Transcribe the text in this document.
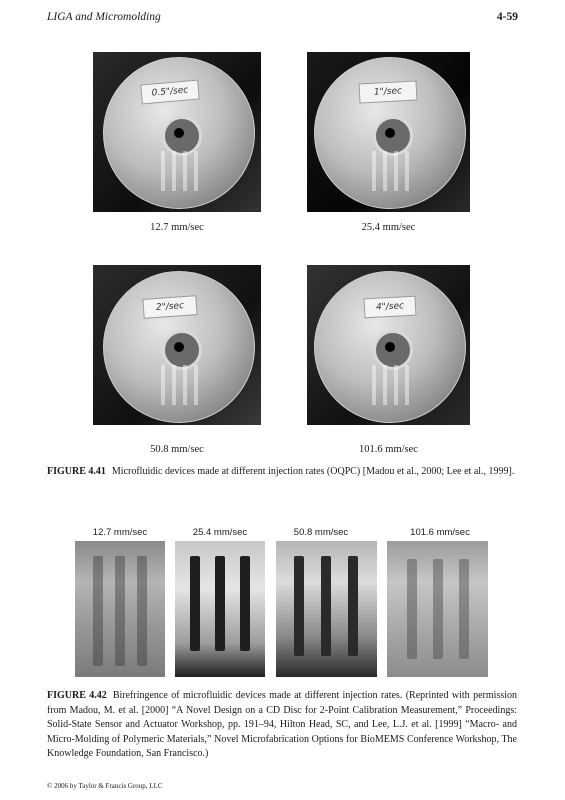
LIGA and Micromolding	4-59
0.5"/sec	1"/sec
12.7 mm/sec	25.4 mm/sec
2"/sec	4"/sec
50.8 mm/sec	101.6 mm/sec
FIGURE 4.41 Microfluidic devices made at different injection rates (OQPC) [Madou et al., 2000; Lee et al., 1999].
12.7 mm/sec	25.4 mm/sec	50.8 mm/sec	101.6 mm/sec
FIGURE 4.42 Birefringence of microfluidic devices made at different injection rates. (Reprinted with permission from Madou, M. et al. [2000] “A Novel Design on a CD Disc for 2-Point Calibration Measurement,” Proceedings: Solid-State Sensor and Actuator Workshop, pp. 191–94, Hilton Head, SC, and Lee, L.J. et al. [1999] “Macro- and Micro-Molding of Polymeric Materials,” Novel Microfabrication Options for BioMEMS Conference Workshop, The Knowledge Foundation, San Francisco.)
© 2006 by Taylor & Francis Group, LLC
